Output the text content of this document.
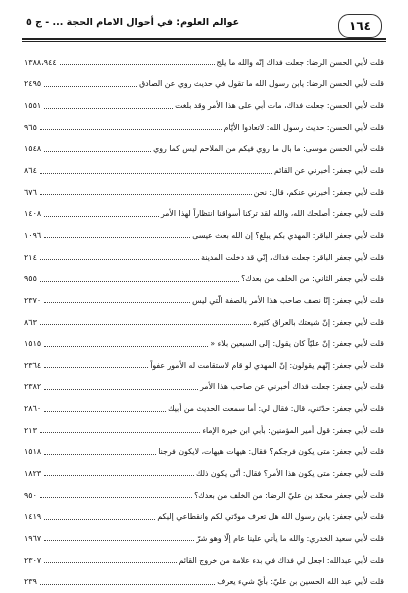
١٦٤
عوالم العلوم: في أحوال الامام الحجة ... - ج ٥
١٣٨٨،٩٤٤	قلت لأبي الحسن الرضا: جعلت فداك إنّه والله ما يلج
٢٤٩٥	قلت لأبي الحسن الرضا: يابن رسول الله ما تقول في حديث روي عن الصادق
١٥٥١	قلت لأبي الحسن: جعلت فداك، مات أبي على هذا الأمر وقد بلغت
٩٦٥	قلت لأبي الحسن: حديث رسول الله: لاتعادوا الأيّام
١٥٤٨	قلت لأبي الحسن موسى: ما بال ما روي فيكم من الملاحم ليس كما روي
٨٦٤	قلت لأبي جعفر: أخبرني عن القائم
٦٧٦	قلت لأبي جعفر: أخبرني عنكم، قال: نحن
١٤٠٨	قلت لأبي جعفر: أصلحك الله، والله لقد تركنا أسواقنا انتظاراً لهذا الأمر
١٠٩٦	قلت لأبي جعفر الباقر: المهدي بكم يبلغ؟ إن الله بعث عيسى
٢١٤	قلت لأبي جعفر الباقر: جعلت فداك، إنّي قد دخلت المدينة
٩٥٥	قلت لأبي جعفر الثاني: من الخلف من بعدك؟
٢٣٧٠	قلت لأبي جعفر: إنّا نصف صاحب هذا الأمر بالصفة الّتي ليس
٨٦٣	قلت لأبي جعفر: إنّ شيعتك بالعراق كثيرة
١٥١٥	قلت لأبي جعفر: إنّ عليّاً كان يقول: إلى السبعين بلاء «
٢٣٦٤	قلت لأبي جعفر: إنّهم يقولون: إنّ المهدي لو قام لاستقامت له الأمور عفواً
٢٣٨٢	قلت لأبي جعفر: جعلت فداك أخبرني عن صاحب هذا الأمر
٢٨٦٠	قلت لأبي جعفر: حدّثني، قال: فقال لي: أما سمعت الحديث من أبيك
٢١٣	قلت لأبي جعفر: قول أمير المؤمنين: بأبي ابن خيرة الإماء
١٥١٨	قلت لأبي جعفر: متى يكون فرجكم؟ فقال: هيهات هيهات، لايكون فرجنا
١٨٢٣	قلت لأبي جعفر: متى يكون هذا الأمر؟ فقال: أنّى يكون ذلك
٩٥٠	قلت لأبي جعفر محمّد بن عليّ الرضا: من الخلف من بعدك؟
١٤١٩	قلت لأبي جعفر: يابن رسول الله هل تعرف مودّتي لكم وانقطاعي إليكم
١٩٦٧	قلت لأبي سعيد الخدري: والله ما يأتي علينا عام إلّا وهو شرّ
٢٣٠٧	قلت لأبي عبدالله: اجعل لي فداك في بدء علامة من خروج القائم
٢٣٩	قلت لأبي عبد الله الحسين بن عليّ: بأيّ شيء يعرف
